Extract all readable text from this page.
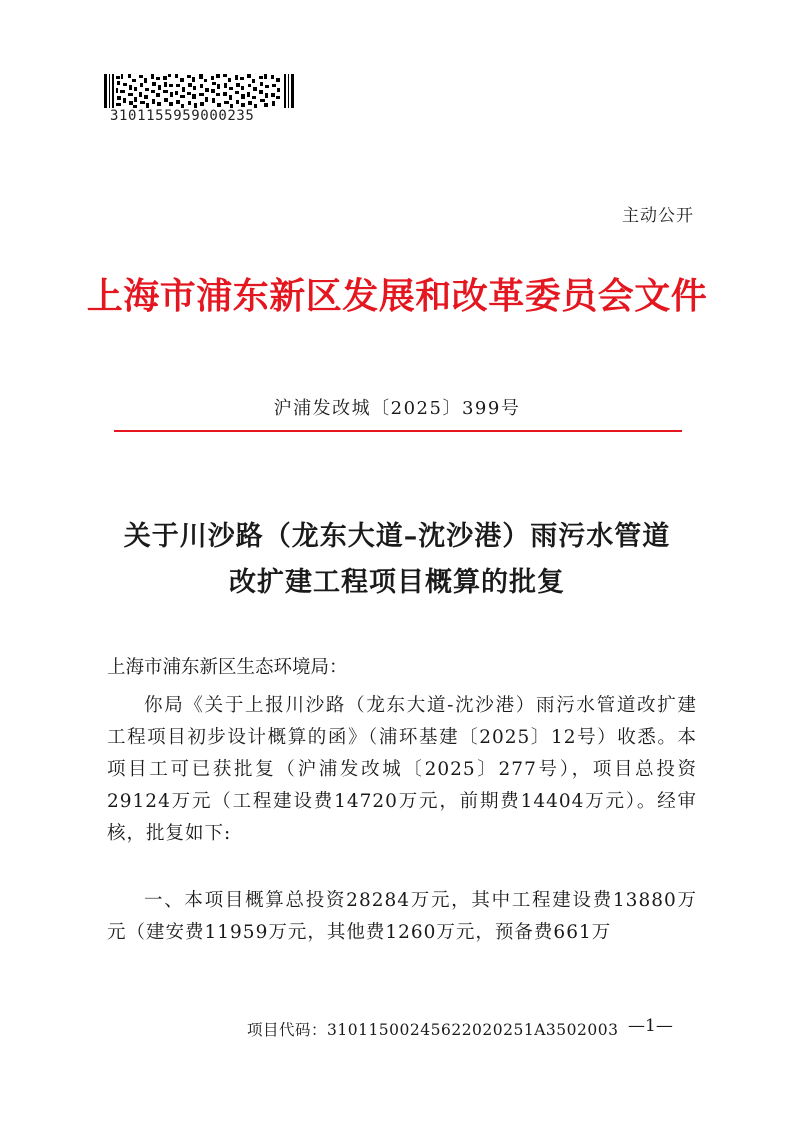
3101155959000235
主动公开
上海市浦东新区发展和改革委员会文件
沪浦发改城〔2025〕399号
关于川沙路（龙东大道–沈沙港）雨污水管道
改扩建工程项目概算的批复
上海市浦东新区生态环境局：
你局《关于上报川沙路（龙东大道-沈沙港）雨污水管道改扩建工程项目初步设计概算的函》（浦环基建〔2025〕12号）收悉。本项目工可已获批复（沪浦发改城〔2025〕277号），项目总投资29124万元（工程建设费14720万元，前期费14404万元）。经审核，批复如下:
一、本项目概算总投资28284万元，其中工程建设费13880万元（建安费11959万元，其他费1260万元，预备费661万
项目代码：31011500245622020251A3502003 —1—
